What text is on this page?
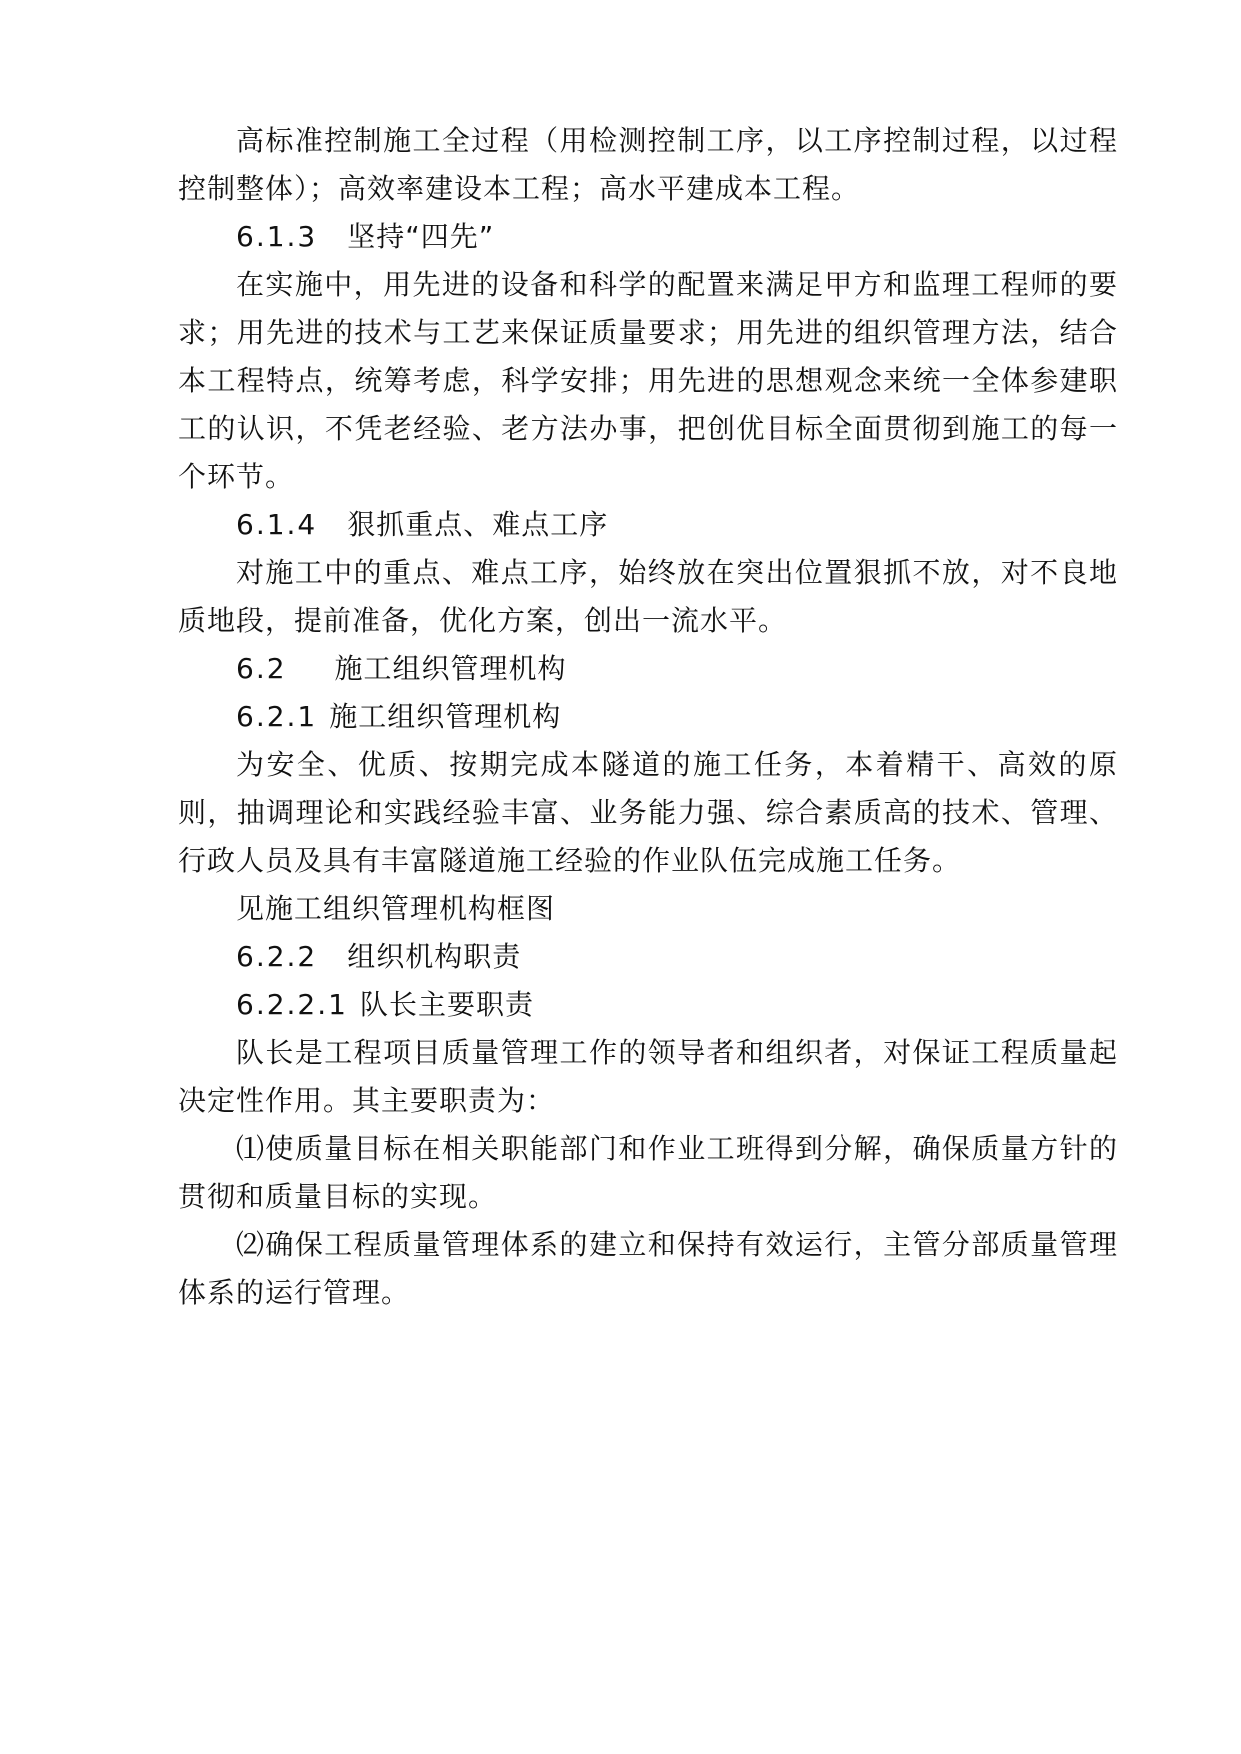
高标准控制施工全过程（用检测控制工序，以工序控制过程，以过程控制整体）；高效率建设本工程；高水平建成本工程。

6.1.3 坚持“四先”

在实施中，用先进的设备和科学的配置来满足甲方和监理工程师的要求；用先进的技术与工艺来保证质量要求；用先进的组织管理方法，结合本工程特点，统筹考虑，科学安排；用先进的思想观念来统一全体参建职工的认识，不凭老经验、老方法办事，把创优目标全面贯彻到施工的每一个环节。

6.1.4 狠抓重点、难点工序

对施工中的重点、难点工序，始终放在突出位置狠抓不放，对不良地质地段，提前准备，优化方案，创出一流水平。

6.2 施工组织管理机构

6.2.1 施工组织管理机构

为安全、优质、按期完成本隧道的施工任务，本着精干、高效的原则，抽调理论和实践经验丰富、业务能力强、综合素质高的技术、管理、行政人员及具有丰富隧道施工经验的作业队伍完成施工任务。

见施工组织管理机构框图

6.2.2 组织机构职责

6.2.2.1 队长主要职责

队长是工程项目质量管理工作的领导者和组织者，对保证工程质量起决定性作用。其主要职责为：

⑴使质量目标在相关职能部门和作业工班得到分解，确保质量方针的贯彻和质量目标的实现。

⑵确保工程质量管理体系的建立和保持有效运行，主管分部质量管理体系的运行管理。
